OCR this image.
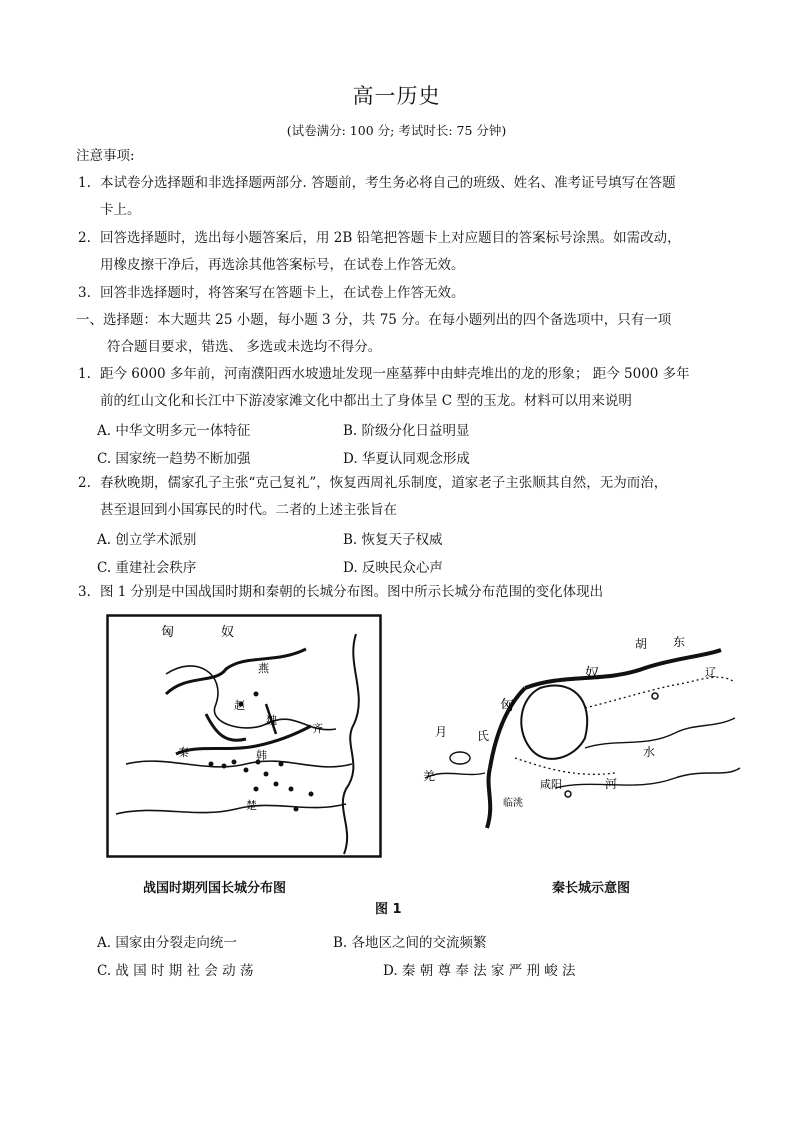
高一历史
(试卷满分: 100 分; 考试时长: 75 分钟)
注意事项:
1. 本试卷分选择题和非选择题两部分. 答题前，考生务必将自己的班级、姓名、准考证号填写在答题
卡上。
2. 回答选择题时，选出每小题答案后，用 2B 铅笔把答题卡上对应题目的答案标号涂黑。如需改动，
用橡皮擦干净后，再选涂其他答案标号，在试卷上作答无效。
3. 回答非选择题时，将答案写在答题卡上，在试卷上作答无效。
一、选择题：本大题共 25 小题，每小题 3 分，共 75 分。在每小题列出的四个备选项中，只有一项
符合题目要求，错选、 多选或未选均不得分。
1. 距今 6000 多年前，河南濮阳西水坡遗址发现一座墓葬中由蚌壳堆出的龙的形象； 距今 5000 多年
前的红山文化和长江中下游凌家滩文化中都出土了身体呈 C 型的玉龙。材料可以用来说明
A. 中华文明多元一体特征	B. 阶级分化日益明显
C. 国家统一趋势不断加强	D. 华夏认同观念形成
2. 春秋晚期，儒家孔子主张“克己复礼”，恢复西周礼乐制度，道家老子主张顺其自然，无为而治，
甚至退回到小国寡民的时代。二者的上述主张旨在
A. 创立学术派别	B. 恢复天子权威
C. 重建社会秩序	D. 反映民众心声
3. 图 1 分别是中国战国时期和秦朝的长城分布图。图中所示长城分布范围的变化体现出
匈	奴
燕
赵
魏
秦	韩
楚
齐
胡 东
奴
匈
月 氏
羌
咸阳
临洮
辽
水
河
战国时期列国长城分布图	秦长城示意图
图 1
A. 国家由分裂走向统一	B. 各地区之间的交流频繁
C. 战 国 时 期 社 会 动 荡	D. 秦 朝 尊 奉 法 家 严 刑 峻 法
